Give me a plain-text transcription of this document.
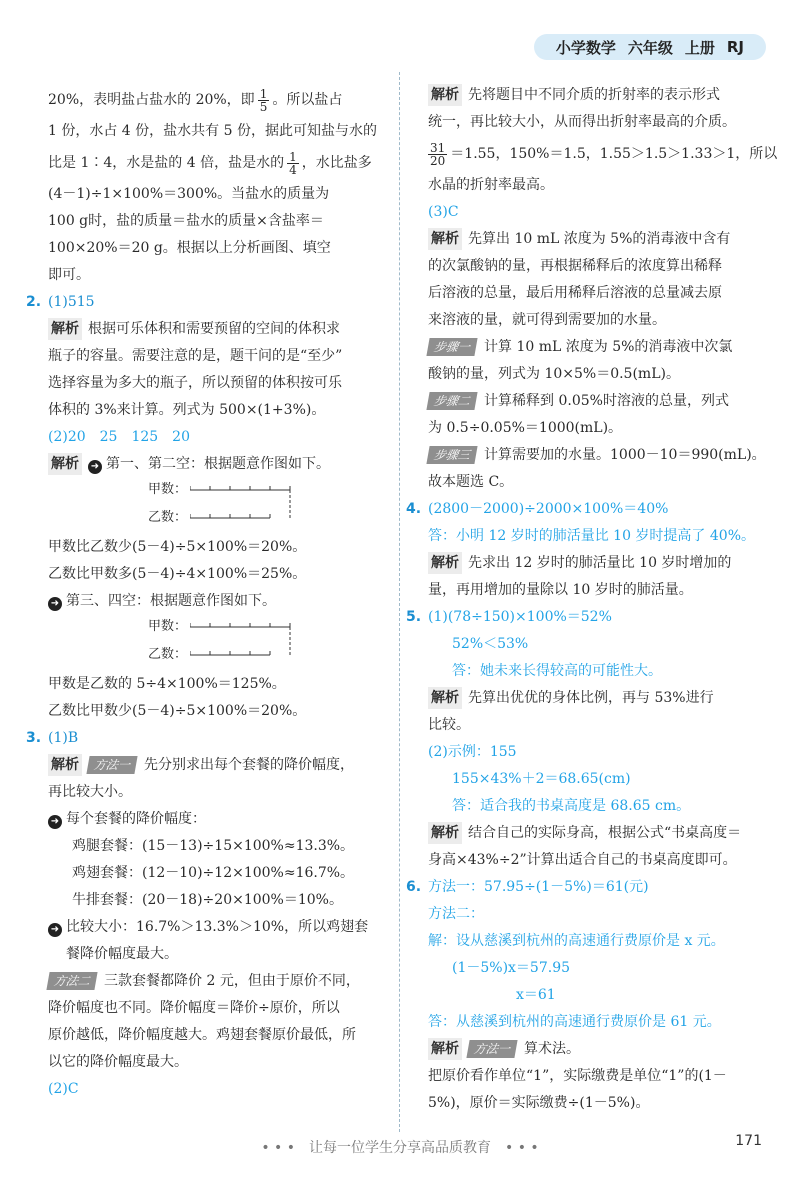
小学数学 六年级 上册 RJ
20%，表明盐占盐水的 20%，即 $\frac{1}{5}$ 。所以盐占
1 份，水占 4 份，盐水共有 5 份，据此可知盐与水的
比是 1∶4，水是盐的 4 倍，盐是水的 $\frac{1}{4}$ ，水比盐多
(4－1)÷1×100%＝300%。当盐水的质量为
100 g时，盐的质量＝盐水的质量×含盐率＝
100×20%＝20 g。根据以上分析画图、填空
即可。
2. (1)515
解析 根据可乐体积和需要预留的空间的体积求
瓶子的容量。需要注意的是，题干问的是“至少”
选择容量为多大的瓶子，所以预留的体积按可乐
体积的 3%来计算。列式为 500×(1+3%)。
(2)20　25　125　20
解析 ➜ 第一、第二空：根据题意作图如下。
甲数：
乙数：
甲数比乙数少(5－4)÷5×100%＝20%。
乙数比甲数多(5－4)÷4×100%＝25%。
➜ 第三、四空：根据题意作图如下。
甲数：
乙数：
甲数是乙数的 5÷4×100%＝125%。
乙数比甲数少(5－4)÷5×100%＝20%。
3. (1)B
解析 方法一 先分别求出每个套餐的降价幅度，
再比较大小。
➜ 每个套餐的降价幅度：
鸡腿套餐：(15－13)÷15×100%≈13.3%。
鸡翅套餐：(12－10)÷12×100%≈16.7%。
牛排套餐：(20－18)÷20×100%＝10%。
➜ 比较大小：16.7%＞13.3%＞10%，所以鸡翅套
餐降价幅度最大。
方法二 三款套餐都降价 2 元，但由于原价不同，
降价幅度也不同。降价幅度＝降价÷原价，所以
原价越低，降价幅度越大。鸡翅套餐原价最低，所
以它的降价幅度最大。
(2)C
解析 先将题目中不同介质的折射率的表示形式
统一，再比较大小，从而得出折射率最高的介质。
$\frac{31}{20} =1.55$，150%＝1.5，1.55＞1.5＞1.33＞1，所以
水晶的折射率最高。
(3)C
解析 先算出 10 mL 浓度为 5%的消毒液中含有
的次氯酸钠的量，再根据稀释后的浓度算出稀释
后溶液的总量，最后用稀释后溶液的总量减去原
来溶液的量，就可得到需要加的水量。
步骤一 计算 10 mL 浓度为 5%的消毒液中次氯
酸钠的量，列式为 10×5%＝0.5(mL)。
步骤二 计算稀释到 0.05%时溶液的总量，列式
为 0.5÷0.05%＝1000(mL)。
步骤三 计算需要加的水量。1000－10＝990(mL)。
故本题选 C。
4. (2800－2000)÷2000×100%＝40%
答：小明 12 岁时的肺活量比 10 岁时提高了 40%。
解析 先求出 12 岁时的肺活量比 10 岁时增加的
量，再用增加的量除以 10 岁时的肺活量。
5. (1)(78÷150)×100%＝52%
52%＜53%
答：她未来长得较高的可能性大。
解析 先算出优优的身体比例，再与 53%进行
比较。
(2)示例：155
155×43%＋2＝68.65(cm)
答：适合我的书桌高度是 68.65 cm。
解析 结合自己的实际身高，根据公式“书桌高度＝
身高×43%÷2”计算出适合自己的书桌高度即可。
6. 方法一：57.95÷(1－5%)＝61(元)
方法二：
解：设从慈溪到杭州的高速通行费原价是 x 元。
(1－5%)x＝57.95
x＝61
答：从慈溪到杭州的高速通行费原价是 61 元。
解析 方法一 算术法。
把原价看作单位“1”，实际缴费是单位“1”的(1－
5%)，原价＝实际缴费÷(1－5%)。
• • •　让每一位学生分享高品质教育　• • •	171
